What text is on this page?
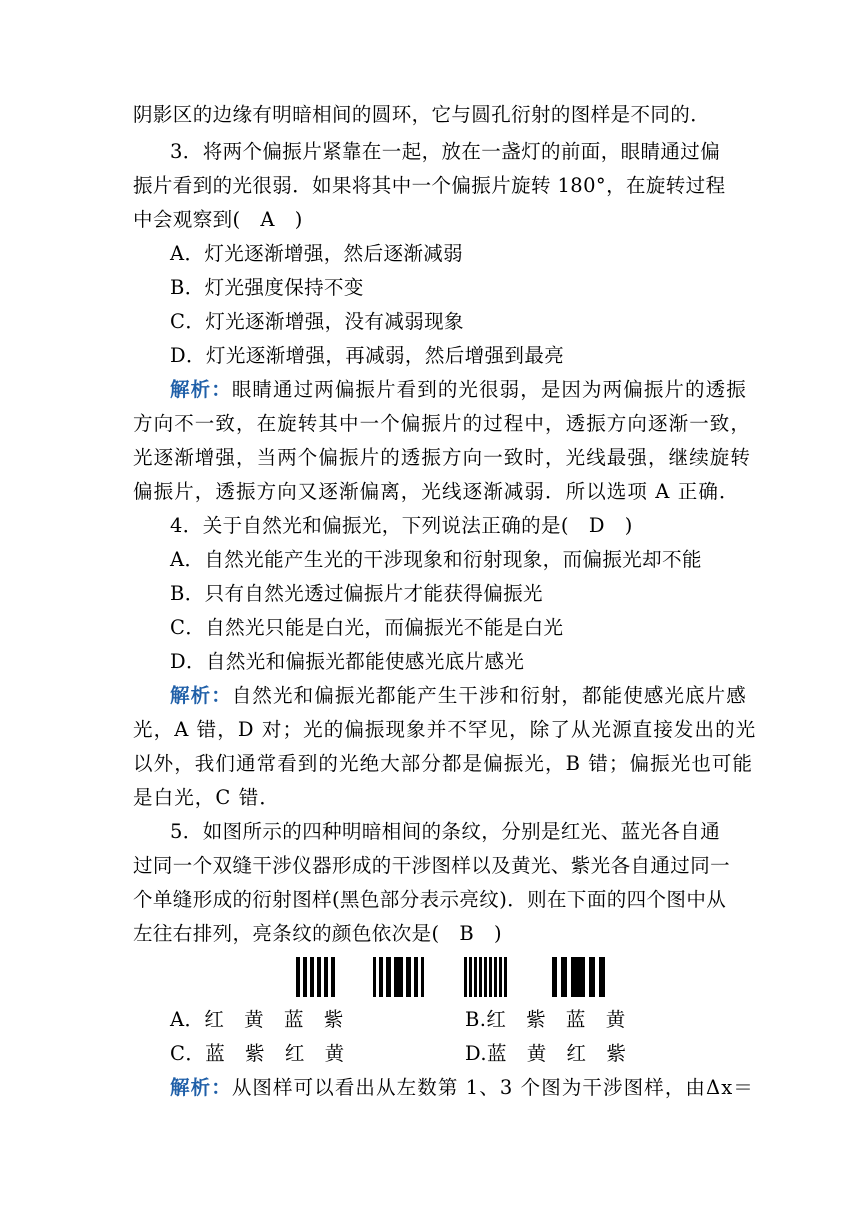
阴影区的边缘有明暗相间的圆环，它与圆孔衍射的图样是不同的．
3．将两个偏振片紧靠在一起，放在一盏灯的前面，眼睛通过偏
振片看到的光很弱．如果将其中一个偏振片旋转 180°，在旋转过程
中会观察到(　A　)
A．灯光逐渐增强，然后逐渐减弱
B．灯光强度保持不变
C．灯光逐渐增强，没有减弱现象
D．灯光逐渐增强，再减弱，然后增强到最亮
解析：眼睛通过两偏振片看到的光很弱，是因为两偏振片的透振
方向不一致，在旋转其中一个偏振片的过程中，透振方向逐渐一致，
光逐渐增强，当两个偏振片的透振方向一致时，光线最强，继续旋转
偏振片，透振方向又逐渐偏离，光线逐渐减弱．所以选项 A 正确．
4．关于自然光和偏振光，下列说法正确的是(　D　)
A．自然光能产生光的干涉现象和衍射现象，而偏振光却不能
B．只有自然光透过偏振片才能获得偏振光
C．自然光只能是白光，而偏振光不能是白光
D．自然光和偏振光都能使感光底片感光
解析：自然光和偏振光都能产生干涉和衍射，都能使感光底片感
光，A 错，D 对；光的偏振现象并不罕见，除了从光源直接发出的光
以外，我们通常看到的光绝大部分都是偏振光，B 错；偏振光也可能
是白光，C 错．
5．如图所示的四种明暗相间的条纹，分别是红光、蓝光各自通
过同一个双缝干涉仪器形成的干涉图样以及黄光、紫光各自通过同一
个单缝形成的衍射图样(黑色部分表示亮纹)．则在下面的四个图中从
左往右排列，亮条纹的颜色依次是(　B　)
A．红　黄　蓝　紫	B.红　紫　蓝　黄
C．蓝　紫　红　黄	D.蓝　黄　红　紫
解析：从图样可以看出从左数第 1、3 个图为干涉图样，由Δx＝
